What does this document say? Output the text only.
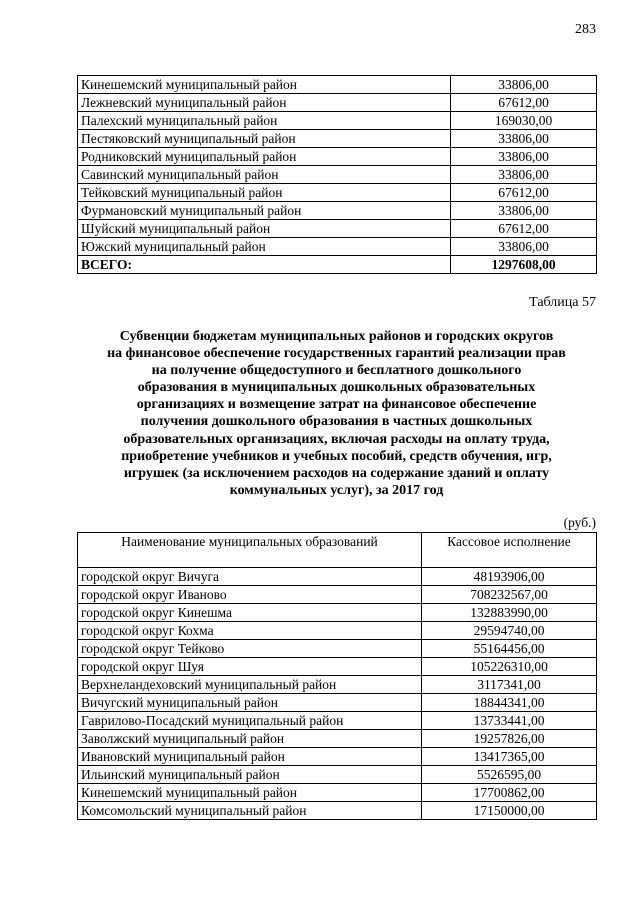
283
Кинешемский муниципальный район	33806,00
Лежневский муниципальный район	67612,00
Палехский муниципальный район	169030,00
Пестяковский муниципальный район	33806,00
Родниковский муниципальный район	33806,00
Савинский муниципальный район	33806,00
Тейковский муниципальный район	67612,00
Фурмановский муниципальный район	33806,00
Шуйский муниципальный район	67612,00
Южский муниципальный район	33806,00
ВСЕГО:	1297608,00
Таблица 57
Субвенции бюджетам муниципальных районов и городских округов
на финансовое обеспечение государственных гарантий реализации прав
на получение общедоступного и бесплатного дошкольного
образования в муниципальных дошкольных образовательных
организациях и возмещение затрат на финансовое обеспечение
получения дошкольного образования в частных дошкольных
образовательных организациях, включая расходы на оплату труда,
приобретение учебников и учебных пособий, средств обучения, игр,
игрушек (за исключением расходов на содержание зданий и оплату
коммунальных услуг), за 2017 год
(руб.)
Наименование муниципальных образований	Кассовое исполнение
городской округ Вичуга	48193906,00
городской округ Иваново	708232567,00
городской округ Кинешма	132883990,00
городской округ Кохма	29594740,00
городской округ Тейково	55164456,00
городской округ Шуя	105226310,00
Верхнеландеховский муниципальный район	3117341,00
Вичугский муниципальный район	18844341,00
Гаврилово-Посадский муниципальный район	13733441,00
Заволжский муниципальный район	19257826,00
Ивановский муниципальный район	13417365,00
Ильинский муниципальный район	5526595,00
Кинешемский муниципальный район	17700862,00
Комсомольский муниципальный район	17150000,00
